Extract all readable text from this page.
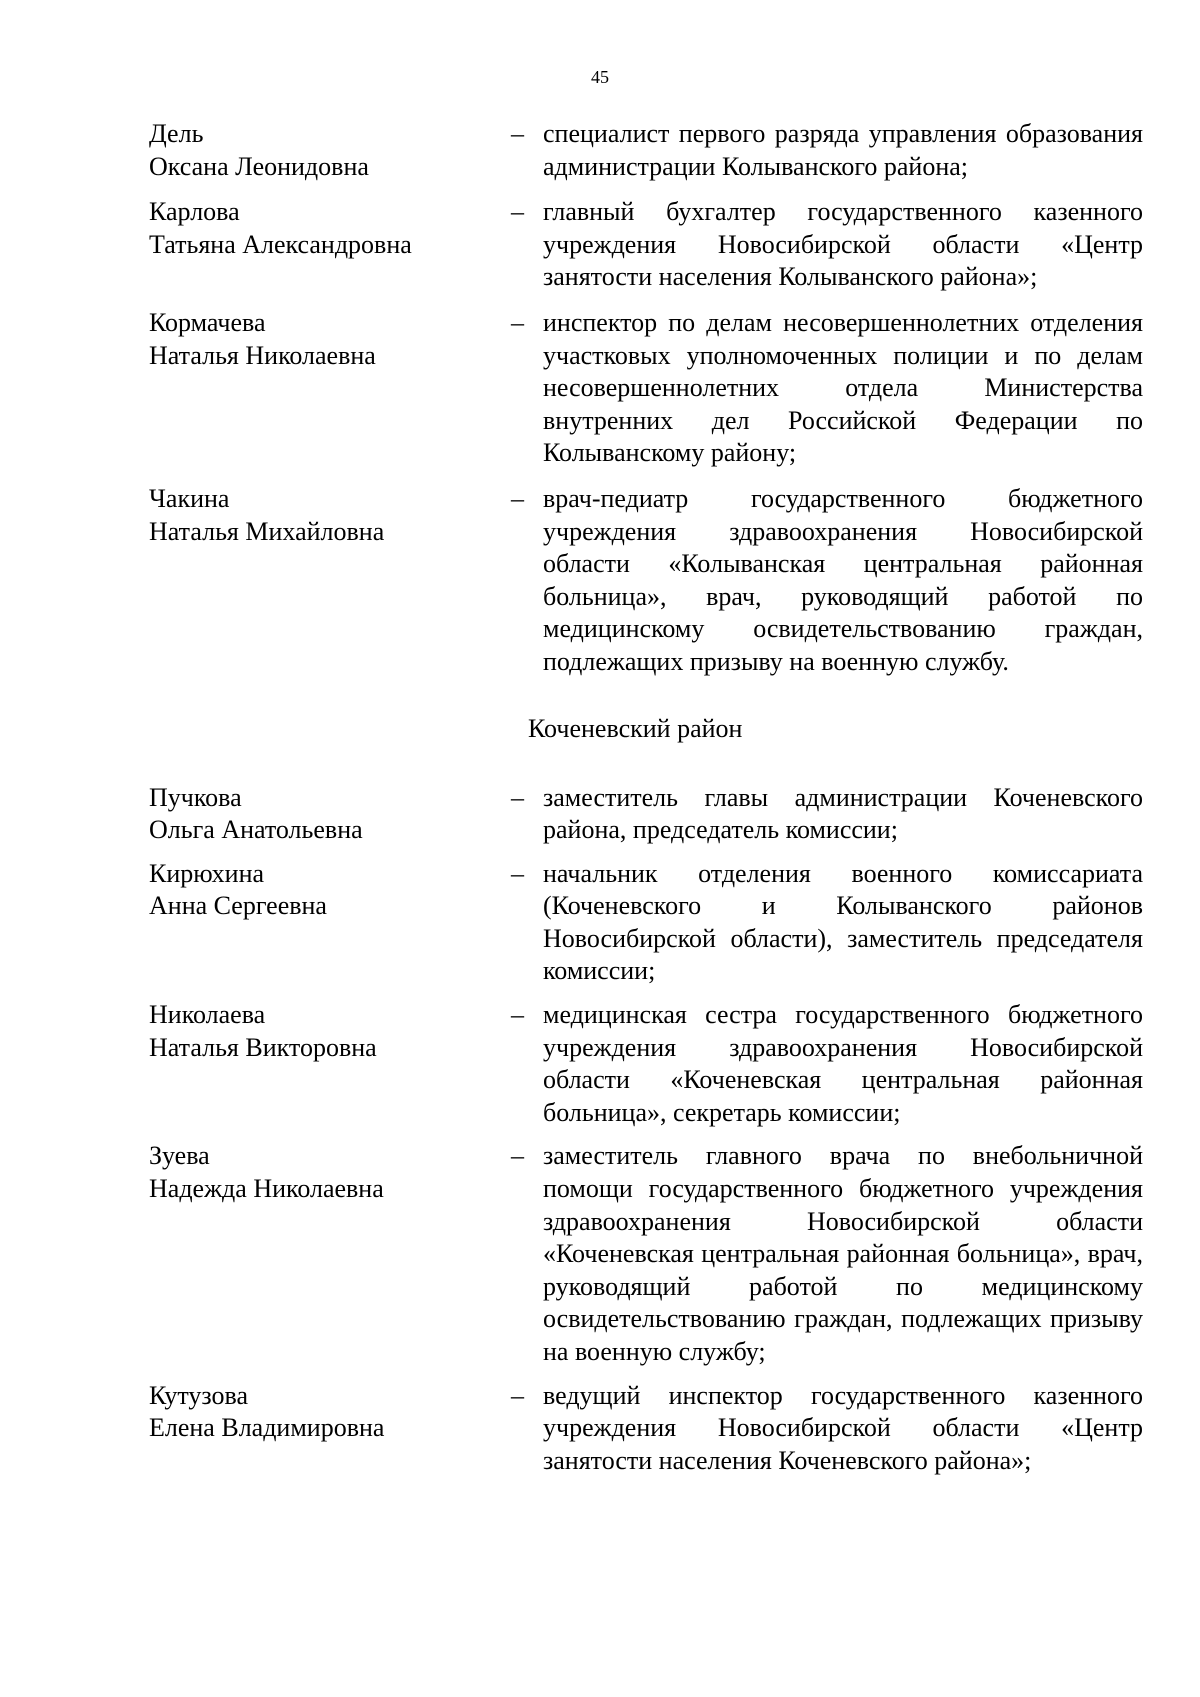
45
Дель
Оксана Леонидовна
– специалист первого разряда управления образования администрации Колыванского района;
Карлова
Татьяна Александровна
– главный бухгалтер государственного казенного учреждения Новосибирской области «Центр занятости населения Колыванского района»;
Кормачева
Наталья Николаевна
– инспектор по делам несовершеннолетних отделения участковых уполномоченных полиции и по делам несовершеннолетних отдела Министерства внутренних дел Российской Федерации по Колыванскому району;
Чакина
Наталья Михайловна
– врач-педиатр государственного бюджетного учреждения здравоохранения Новосибирской области «Колыванская центральная районная больница», врач, руководящий работой по медицинскому освидетельствованию граждан, подлежащих призыву на военную службу.
Коченевский район
Пучкова
Ольга Анатольевна
– заместитель главы администрации Коченевского района, председатель комиссии;
Кирюхина
Анна Сергеевна
– начальник отделения военного комиссариата (Коченевского и Колыванского районов Новосибирской области), заместитель председателя комиссии;
Николаева
Наталья Викторовна
– медицинская сестра государственного бюджетного учреждения здравоохранения Новосибирской области «Коченевская центральная районная больница», секретарь комиссии;
Зуева
Надежда Николаевна
– заместитель главного врача по внебольничной помощи государственного бюджетного учреждения здравоохранения Новосибирской области «Коченевская центральная районная больница», врач, руководящий работой по медицинскому освидетельствованию граждан, подлежащих призыву на военную службу;
Кутузова
Елена Владимировна
– ведущий инспектор государственного казенного учреждения Новосибирской области «Центр занятости населения Коченевского района»;
